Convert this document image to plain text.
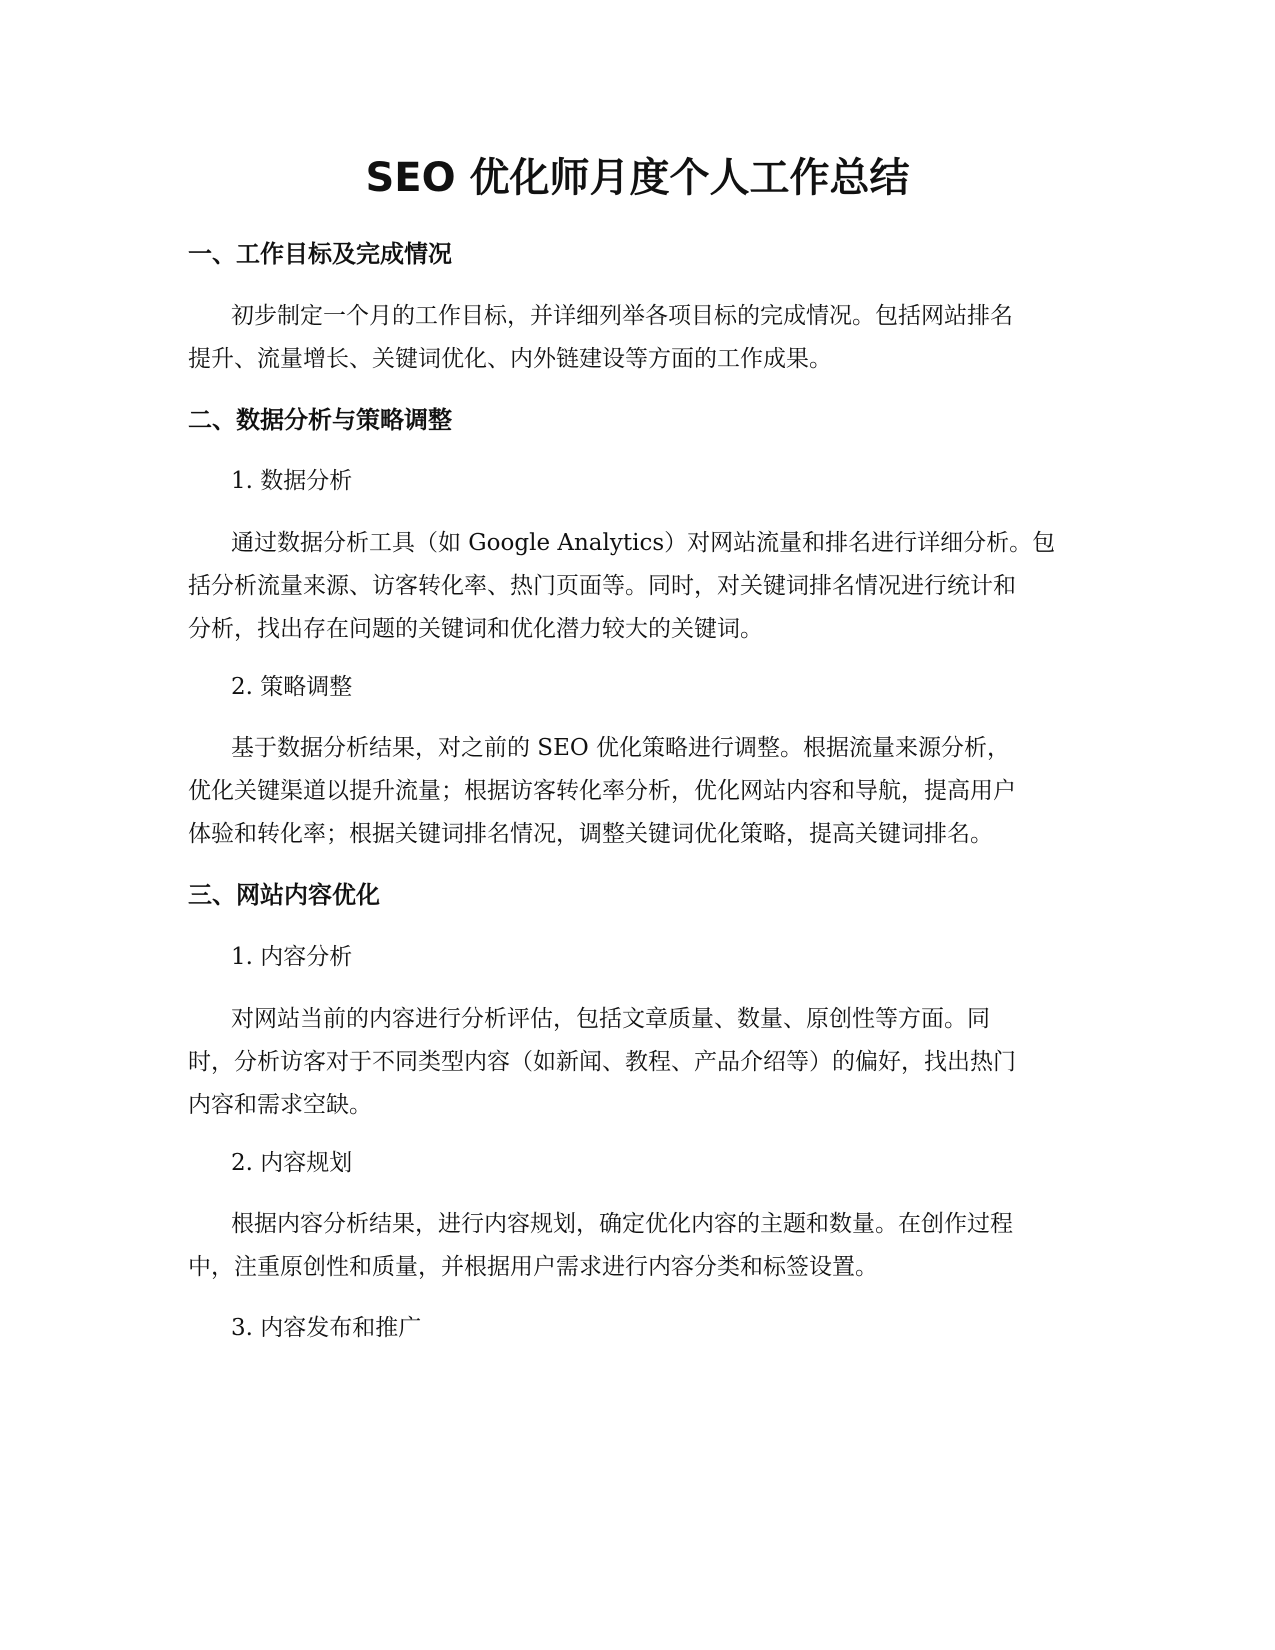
SEO 优化师月度个人工作总结
一、工作目标及完成情况
初步制定一个月的工作目标，并详细列举各项目标的完成情况。包括网站排名
提升、流量增长、关键词优化、内外链建设等方面的工作成果。
二、数据分析与策略调整
1. 数据分析
通过数据分析工具（如 Google Analytics）对网站流量和排名进行详细分析。包
括分析流量来源、访客转化率、热门页面等。同时，对关键词排名情况进行统计和
分析，找出存在问题的关键词和优化潜力较大的关键词。
2. 策略调整
基于数据分析结果，对之前的 SEO 优化策略进行调整。根据流量来源分析，
优化关键渠道以提升流量；根据访客转化率分析，优化网站内容和导航，提高用户
体验和转化率；根据关键词排名情况，调整关键词优化策略，提高关键词排名。
三、网站内容优化
1. 内容分析
对网站当前的内容进行分析评估，包括文章质量、数量、原创性等方面。同
时，分析访客对于不同类型内容（如新闻、教程、产品介绍等）的偏好，找出热门
内容和需求空缺。
2. 内容规划
根据内容分析结果，进行内容规划，确定优化内容的主题和数量。在创作过程
中，注重原创性和质量，并根据用户需求进行内容分类和标签设置。
3. 内容发布和推广
